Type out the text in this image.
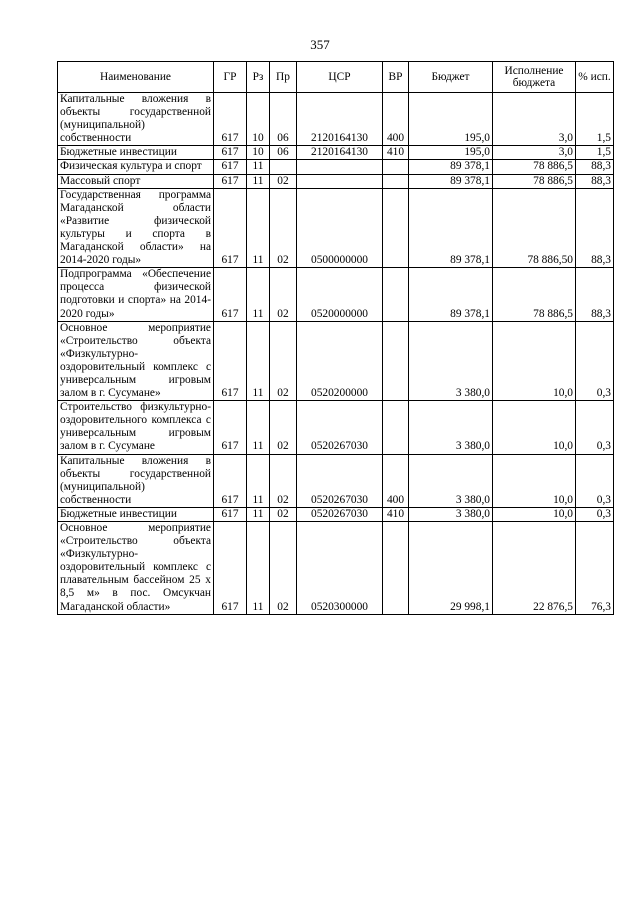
357
Наименование	ГР	Рз	Пр	ЦСР	ВР	Бюджет	Исполнение бюджета	% исп.
Капитальные вложения в объекты государственной (муниципальной) собственности	617	10	06	2120164130	400	195,0	3,0	1,5
Бюджетные инвестиции	617	10	06	2120164130	410	195,0	3,0	1,5
Физическая культура и спорт	617	11				89 378,1	78 886,5	88,3
Массовый спорт	617	11	02			89 378,1	78 886,5	88,3
Государственная программа Магаданской области «Развитие физической культуры и спорта в Магаданской области» на 2014-2020 годы»	617	11	02	0500000000		89 378,1	78 886,50	88,3
Подпрограмма «Обеспечение процесса физической подготовки и спорта» на 2014-2020 годы»	617	11	02	0520000000		89 378,1	78 886,5	88,3
Основное мероприятие «Строительство объекта «Физкультурно-оздоровительный комплекс с универсальным игровым залом в г. Сусумане»	617	11	02	0520200000		3 380,0	10,0	0,3
Строительство физкультурно-оздоровительного комплекса с универсальным игровым залом в г. Сусумане	617	11	02	0520267030		3 380,0	10,0	0,3
Капитальные вложения в объекты государственной (муниципальной) собственности	617	11	02	0520267030	400	3 380,0	10,0	0,3
Бюджетные инвестиции	617	11	02	0520267030	410	3 380,0	10,0	0,3
Основное мероприятие «Строительство объекта «Физкультурно-оздоровительный комплекс с плавательным бассейном 25 х 8,5 м» в пос. Омсукчан Магаданской области»	617	11	02	0520300000		29 998,1	22 876,5	76,3
